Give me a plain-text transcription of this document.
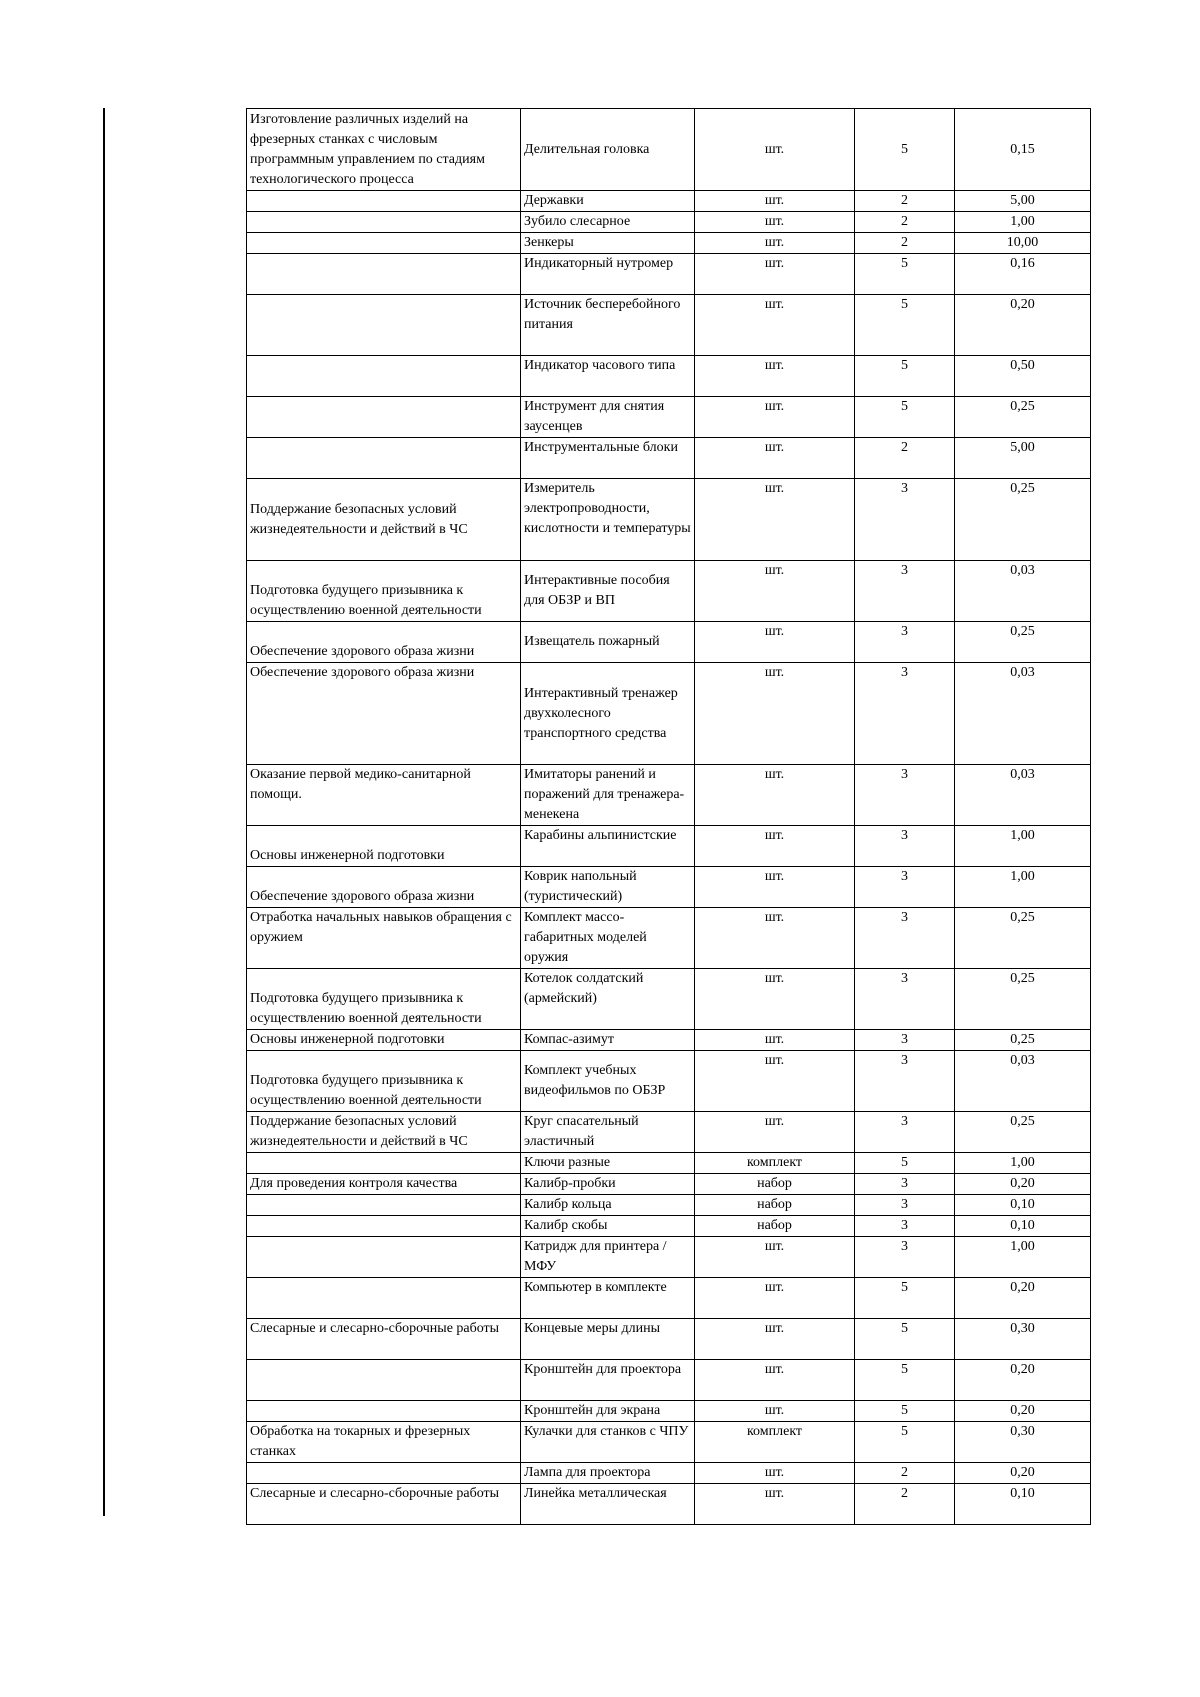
Изготовление различных изделий на фрезерных станках с числовым программным управлением по стадиям технологического процесса	Делительная головка	шт.	5	0,15
	Державки	шт.	2	5,00
	Зубило слесарное	шт.	2	1,00
	Зенкеры	шт.	2	10,00
	Индикаторный нутромер	шт.	5	0,16
	Источник бесперебойного питания	шт.	5	0,20
	Индикатор часового типа	шт.	5	0,50
	Инструмент для снятия заусенцев	шт.	5	0,25
	Инструментальные блоки	шт.	2	5,00
Поддержание безопасных условий жизнедеятельности и действий в ЧС	Измеритель электропроводности, кислотности и температуры	шт.	3	0,25
Подготовка будущего призывника к осуществлению военной деятельности	Интерактивные пособия для ОБЗР и ВП	шт.	3	0,03
Обеспечение здорового образа жизни	Извещатель пожарный	шт.	3	0,25
Обеспечение здорового образа жизни	Интерактивный тренажер двухколесного транспортного средства	шт.	3	0,03
Оказание первой медико-санитарной помощи.	Имитаторы ранений и поражений для тренажера-менекена	шт.	3	0,03
Основы инженерной подготовки	Карабины альпинистские	шт.	3	1,00
Обеспечение здорового образа жизни	Коврик напольный (туристический)	шт.	3	1,00
Отработка начальных навыков обращения с оружием	Комплект массо-габаритных моделей оружия	шт.	3	0,25
Подготовка будущего призывника к осуществлению военной деятельности	Котелок солдатский (армейский)	шт.	3	0,25
Основы инженерной подготовки	Компас-азимут	шт.	3	0,25
Подготовка будущего призывника к осуществлению военной деятельности	Комплект учебных видеофильмов по ОБЗР	шт.	3	0,03
Поддержание безопасных условий жизнедеятельности и действий в ЧС	Круг спасательный эластичный	шт.	3	0,25
	Ключи разные	комплект	5	1,00
Для проведения контроля качества	Калибр-пробки	набор	3	0,20
	Калибр кольца	набор	3	0,10
	Калибр скобы	набор	3	0,10
	Катридж для принтера /МФУ	шт.	3	1,00
	Компьютер в комплекте	шт.	5	0,20
Слесарные и слесарно-сборочные работы	Концевые меры длины	шт.	5	0,30
	Кронштейн для проектора	шт.	5	0,20
	Кронштейн для экрана	шт.	5	0,20
Обработка на токарных и фрезерных станках	Кулачки для станков с ЧПУ	комплект	5	0,30
	Лампа для проектора	шт.	2	0,20
Слесарные и слесарно-сборочные работы	Линейка металлическая	шт.	2	0,10
